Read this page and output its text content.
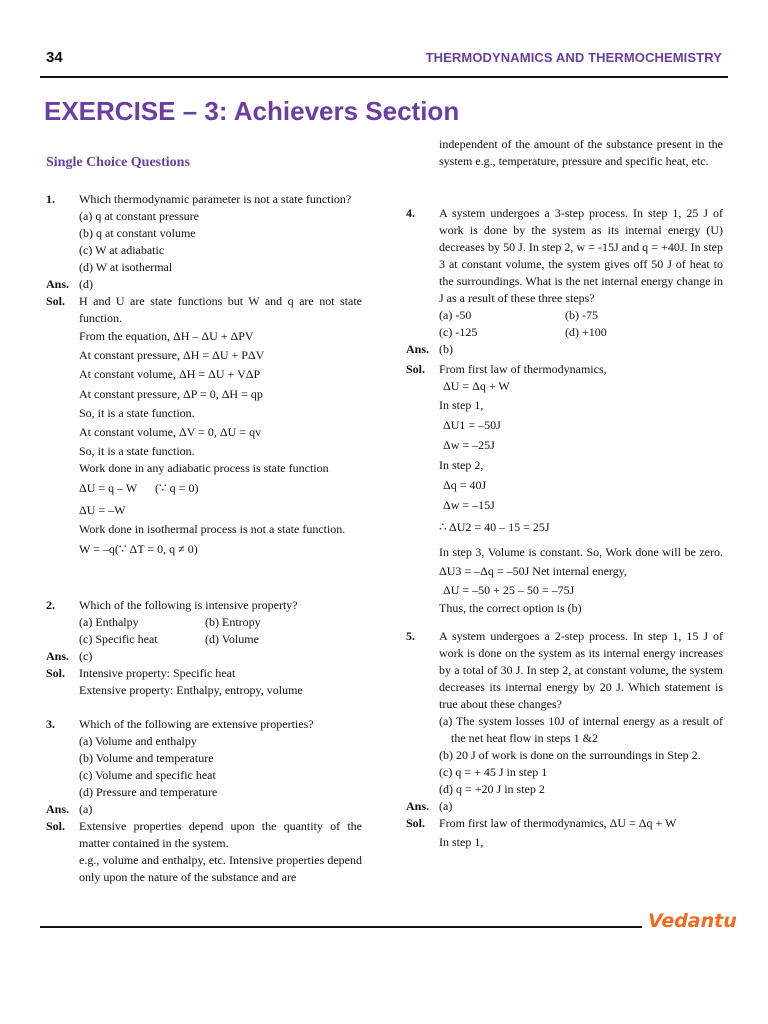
34	THERMODYNAMICS AND THERMOCHEMISTRY
EXERCISE – 3: Achievers Section
Single Choice Questions
1.	Which thermodynamic parameter is not a state function?
(a) q at constant pressure
(b) q at constant volume
(c) W at adiabatic
(d) W at isothermal
Ans. (d)
Sol.	H and U are state functions but W and q are not state function.
From the equation, ΔH – ΔU + ΔPV
At constant pressure, ΔH = ΔU + PΔV
At constant volume, ΔH = ΔU + VΔP
At constant pressure, ΔP = 0, ΔH = qp
So, it is a state function.
At constant volume, ΔV = 0, ΔU = qv
So, it is a state function.
Work done in any adiabatic process is state function
ΔU = q – W      (∵ q = 0)
ΔU = –W
Work done in isothermal process is not a state function.
W = –q(∵ ΔT = 0, q ≠ 0)
2.	Which of the following is intensive property?
(a) Enthalpy	(b) Entropy
(c) Specific heat	(d) Volume
Ans. (c)
Sol.	Intensive property: Specific heat
Extensive property: Enthalpy, entropy, volume
3.	Which of the following are extensive properties?
(a) Volume and enthalpy
(b) Volume and temperature
(c) Volume and specific heat
(d) Pressure and temperature
Ans. (a)
Sol.	Extensive properties depend upon the quantity of the matter contained in the system.
e.g., volume and enthalpy, etc. Intensive properties depend only upon the nature of the substance and are
independent of the amount of the substance present in the system e.g., temperature, pressure and specific heat, etc.
4.	A system undergoes a 3-step process. In step 1, 25 J of work is done by the system as its internal energy (U) decreases by 50 J. In step 2, w = -15J and q = +40J. In step 3 at constant volume, the system gives off 50 J of heat to the surroundings. What is the net internal energy change in J as a result of these three steps?
(a) -50	(b) -75
(c) -125	(d) +100
Ans. (b)
Sol.	From first law of thermodynamics,
ΔU = Δq + W
In step 1,
ΔU1 = –50J
Δw = –25J
In step 2,
Δq = 40J
Δw = –15J
∴ ΔU2 = 40 – 15 = 25J
In step 3, Volume is constant. So, Work done will be zero. ΔU3 = –Δq = –50J Net internal energy,
ΔU = –50 + 25 – 50 = –75J
Thus, the correct option is (b)
5.	A system undergoes a 2-step process. In step 1, 15 J of work is done on the system as its internal energy increases by a total of 30 J. In step 2, at constant volume, the system decreases its internal energy by 20 J. Which statement is true about these changes?
(a) The system losses 10J of internal energy as a result of the net heat flow in steps 1 &2
(b) 20 J of work is done on the surroundings in Step 2.
(c) q = + 45 J in step 1
(d) q = +20 J in step 2
Ans. (a)
Sol.	From first law of thermodynamics, ΔU = Δq + W
In step 1,
Vedantu
